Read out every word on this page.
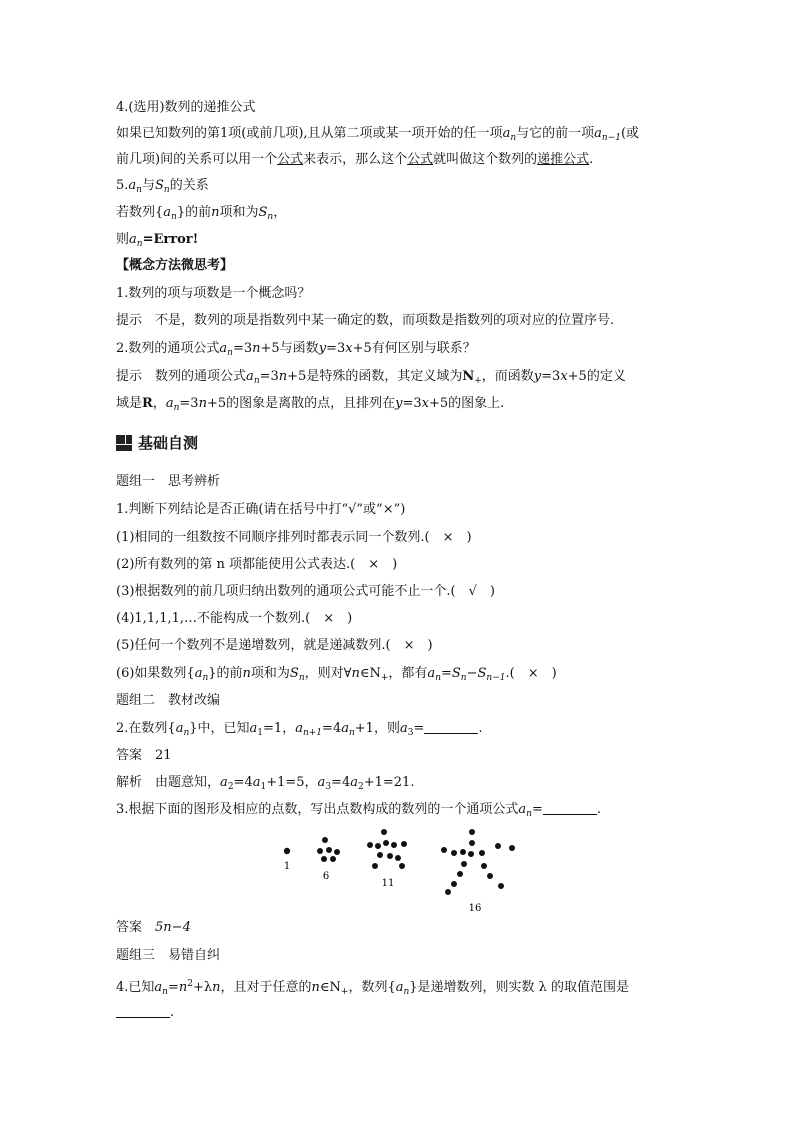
4.(选用)数列的递推公式
如果已知数列的第1项(或前几项),且从第二项或某一项开始的任一项$a_n$与它的前一项$a_{n-1}$(或
前几项)间的关系可以用一个公式来表示，那么这个公式就叫做这个数列的递推公式.
$5.a_n$与$S_n$的关系
若数列$\{a_n\}$的前n项和为$S_n$，
则$a_n=Error$!
【概念方法微思考】
1.数列的项与项数是一个概念吗？
提示　 不是，数列的项是指数列中某一确定的数，而项数是指数列的项对应的位置序号.
2.数列的通项公式$a_n=3n+5$与函数y=3x+5有何区别与联系？
提示　 数列的通项公式$a_n=3n+5$是特殊的函数，其定义域为$N_+$，而函数y=3x+5的定义
域是R，$a_n=3n+5$的图象是离散的点，且排列在y=3x+5的图象上.
基础自测
题组一　思考辨析
1.判断下列结论是否正确(请在括号中打“√”或“×”)
(1)相同的一组数按不同顺序排列时都表示同一个数列.(　×　)
(2)所有数列的第 n 项都能使用公式表达.(　×　)
(3)根据数列的前几项归纳出数列的通项公式可能不止一个.(　√　)
(4)1,1,1,1,…不能构成一个数列.(　×　)
(5)任何一个数列不是递增数列，就是递减数列.(　×　)
(6)如果数列$\{a_n\}$的前n项和为$S_n$，则对$\forall n\in N_+$，都有$a_n=S_n-S_{n-1}$.(　×　)
题组二　教材改编
2.在数列$\{a_n\}$中，已知$a_1=1$，$a_{n+1}=4a_n+1$，则$a_3=$	.
答案　 21
解析　 由题意知，$a_2=4a_1+1=5$，$a_3=4a_2+1=21$.
3.根据下面的图形及相应的点数，写出点数构成的数列的一个通项公式$a_n=$	.
1
6
11
16
答案　 5n−4
题组三　易错自纠
4.已知$a_n=n^2+\lambda n$，且对于任意的$n\in N_+$，数列$\{a_n\}$是递增数列，则实数 λ 的取值范围是
.
